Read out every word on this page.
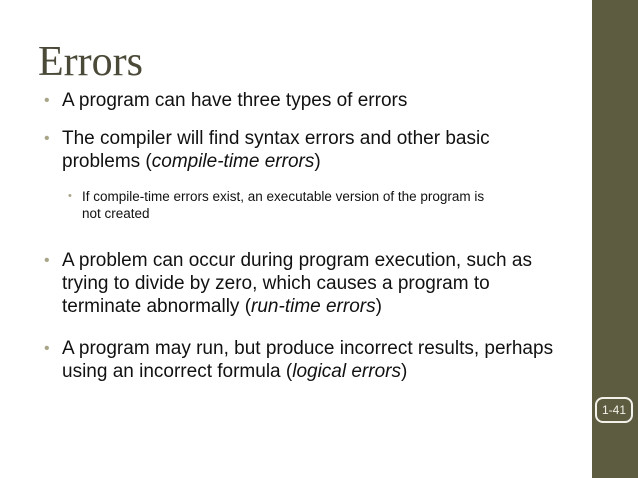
Errors
• A program can have three types of errors
• The compiler will find syntax errors and other basic
problems (compile-time errors)
• If compile-time errors exist, an executable version of the program is
not created
• A problem can occur during program execution, such as
trying to divide by zero, which causes a program to
terminate abnormally (run-time errors)
• A program may run, but produce incorrect results, perhaps
using an incorrect formula (logical errors)
1-41
